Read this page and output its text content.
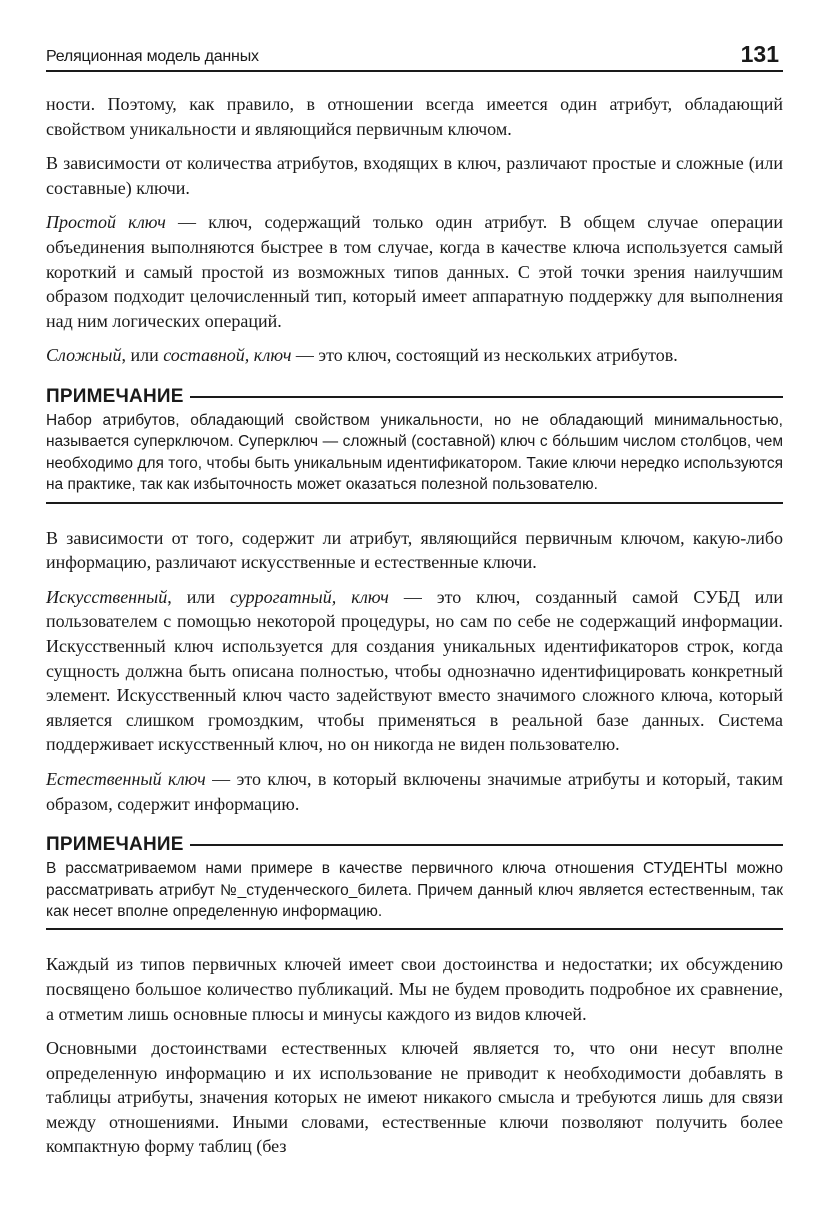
Реляционная модель данных	131

ности. Поэтому, как правило, в отношении всегда имеется один атрибут, обладающий свойством уникальности и являющийся первичным ключом.

В зависимости от количества атрибутов, входящих в ключ, различают простые и сложные (или составные) ключи.

Простой ключ — ключ, содержащий только один атрибут. В общем случае операции объединения выполняются быстрее в том случае, когда в качестве ключа используется самый короткий и самый простой из возможных типов данных. С этой точки зрения наилучшим образом подходит целочисленный тип, который имеет аппаратную поддержку для выполнения над ним логических операций.

Сложный, или составной, ключ — это ключ, состоящий из нескольких атрибутов.

ПРИМЕЧАНИЕ
Набор атрибутов, обладающий свойством уникальности, но не обладающий минимальностью, называется суперключом. Суперключ — сложный (составной) ключ с бóльшим числом столбцов, чем необходимо для того, чтобы быть уникальным идентификатором. Такие ключи нередко используются на практике, так как избыточность может оказаться полезной пользователю.

В зависимости от того, содержит ли атрибут, являющийся первичным ключом, какую-либо информацию, различают искусственные и естественные ключи.

Искусственный, или суррогатный, ключ — это ключ, созданный самой СУБД или пользователем с помощью некоторой процедуры, но сам по себе не содержащий информации. Искусственный ключ используется для создания уникальных идентификаторов строк, когда сущность должна быть описана полностью, чтобы однозначно идентифицировать конкретный элемент. Искусственный ключ часто задействуют вместо значимого сложного ключа, который является слишком громоздким, чтобы применяться в реальной базе данных. Система поддерживает искусственный ключ, но он никогда не виден пользователю.

Естественный ключ — это ключ, в который включены значимые атрибуты и который, таким образом, содержит информацию.

ПРИМЕЧАНИЕ
В рассматриваемом нами примере в качестве первичного ключа отношения СТУДЕНТЫ можно рассматривать атрибут №_студенческого_билета. Причем данный ключ является естественным, так как несет вполне определенную информацию.

Каждый из типов первичных ключей имеет свои достоинства и недостатки; их обсуждению посвящено большое количество публикаций. Мы не будем проводить подробное их сравнение, а отметим лишь основные плюсы и минусы каждого из видов ключей.

Основными достоинствами естественных ключей является то, что они несут вполне определенную информацию и их использование не приводит к необходимости добавлять в таблицы атрибуты, значения которых не имеют никакого смысла и требуются лишь для связи между отношениями. Иными словами, естественные ключи позволяют получить более компактную форму таблиц (без
